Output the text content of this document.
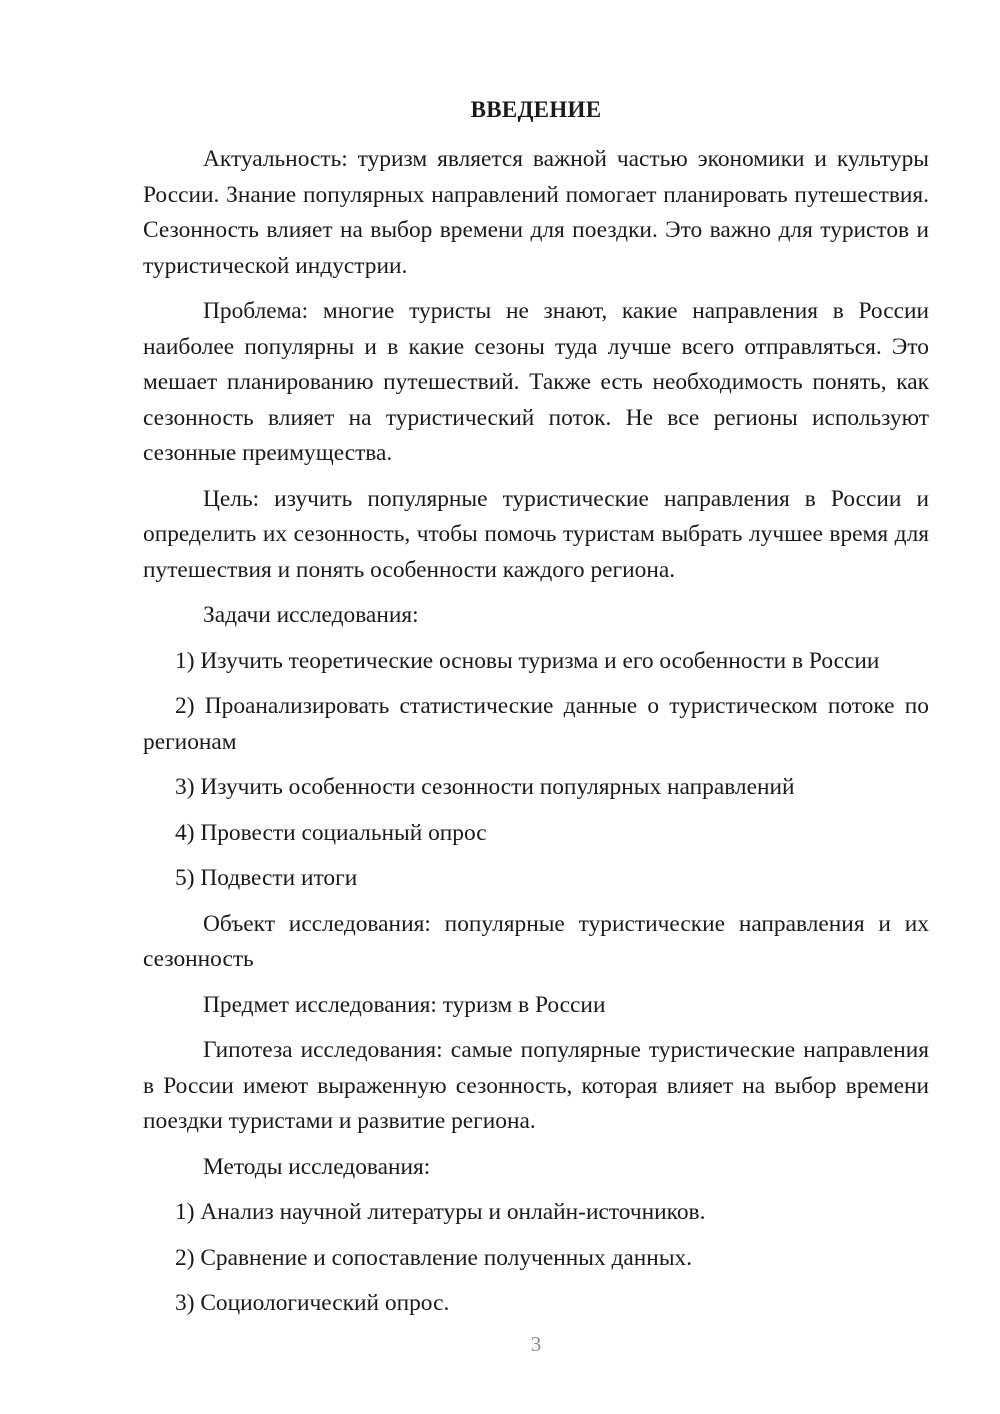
ВВЕДЕНИЕ

Актуальность: туризм является важной частью экономики и культуры России. Знание популярных направлений помогает планировать путешествия. Сезонность влияет на выбор времени для поездки. Это важно для туристов и туристической индустрии.

Проблема: многие туристы не знают, какие направления в России наиболее популярны и в какие сезоны туда лучше всего отправляться. Это мешает планированию путешествий. Также есть необходимость понять, как сезонность влияет на туристический поток. Не все регионы используют сезонные преимущества.

Цель: изучить популярные туристические направления в России и определить их сезонность, чтобы помочь туристам выбрать лучшее время для путешествия и понять особенности каждого региона.

Задачи исследования:

1) Изучить теоретические основы туризма и его особенности в России

2) Проанализировать статистические данные о туристическом потоке по регионам

3) Изучить особенности сезонности популярных направлений

4) Провести социальный опрос

5) Подвести итоги

Объект исследования: популярные туристические направления и их сезонность

Предмет исследования: туризм в России

Гипотеза исследования: самые популярные туристические направления в России имеют выраженную сезонность, которая влияет на выбор времени поездки туристами и развитие региона.

Методы исследования:

1) Анализ научной литературы и онлайн-источников.

2) Сравнение и сопоставление полученных данных.

3) Социологический опрос.

3
